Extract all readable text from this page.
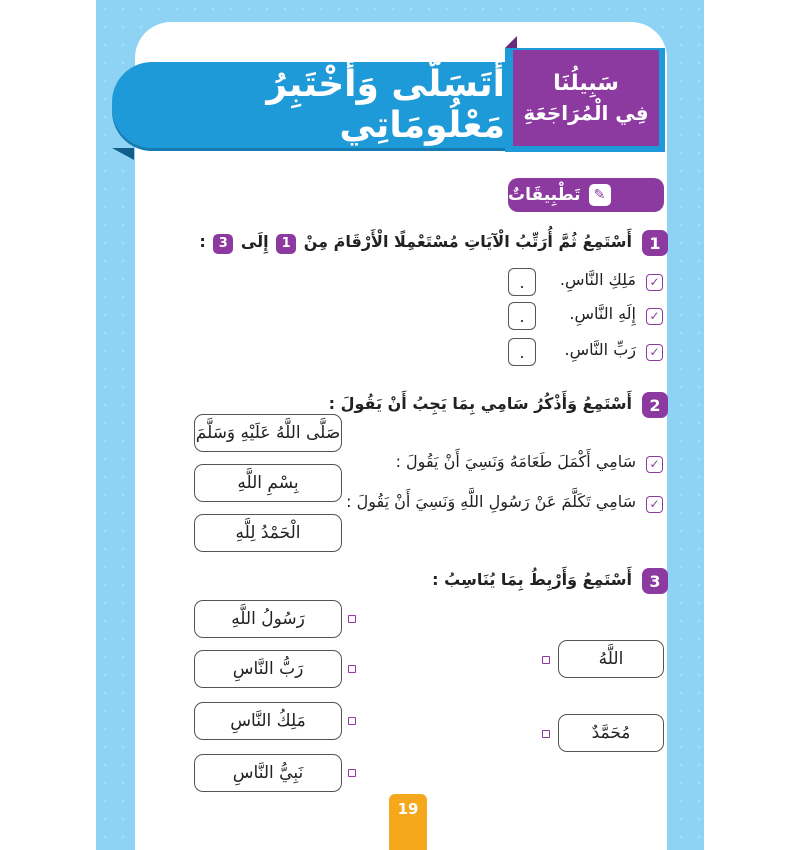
أَتَسَلَّى وَأَخْتَبِرُ مَعْلُومَاتِي
سَبِيلُنَا
فِي الْمُرَاجَعَةِ
✎
تَطْبِيقَاتٌ
1
أَسْتَمِعُ ثُمَّ أُرَتِّبُ الْآيَاتِ مُسْتَعْمِلًا الْأَرْقَامَ مِنْ 1 إِلَى 3 :
✓
مَلِكِ النَّاسِ.
.
✓
إِلَهِ النَّاسِ.
.
✓
رَبِّ النَّاسِ.
.
2
أَسْتَمِعُ وَأَذْكُرُ سَامِي بِمَا يَجِبُ أَنْ يَقُولَ :
صَلَّى اللَّهُ عَلَيْهِ وَسَلَّمَ
بِسْمِ اللَّهِ
الْحَمْدُ لِلَّهِ
✓
سَامِي أَكْمَلَ طَعَامَهُ وَنَسِيَ أَنْ يَقُولَ :
✓
سَامِي تَكَلَّمَ عَنْ رَسُولِ اللَّهِ وَنَسِيَ أَنْ يَقُولَ :
3
أَسْتَمِعُ وَأَرْبِطُ بِمَا يُنَاسِبُ :
رَسُولُ اللَّهِ
رَبُّ النَّاسِ
مَلِكُ النَّاسِ
نَبِيُّ النَّاسِ
اللَّهُ
مُحَمَّدٌ
19
